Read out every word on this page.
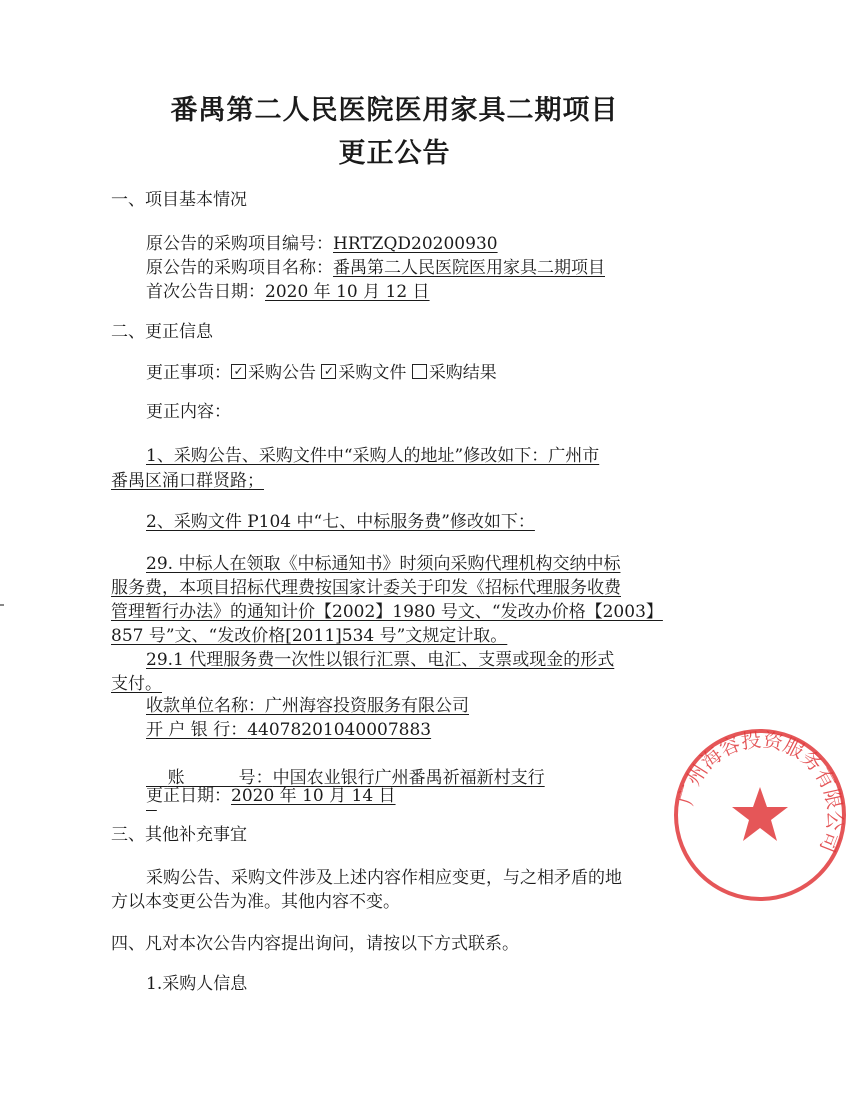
番禺第二人民医院医用家具二期项目
更正公告
一、项目基本情况
原公告的采购项目编号：HRTZQD20200930
原公告的采购项目名称：番禺第二人民医院医用家具二期项目
首次公告日期：2020 年 10 月 12 日
二、更正信息
更正事项： ✓ 采购公告 ✓ 采购文件 采购结果
更正内容：
1、采购公告、采购文件中“采购人的地址”修改如下：广州市
番禺区涌口群贤路；
2、采购文件 P104 中“七、中标服务费”修改如下：
29. 中标人在领取《中标通知书》时须向采购代理机构交纳中标
服务费，本项目招标代理费按国家计委关于印发《招标代理服务收费
管理暂行办法》的通知计价【2002】1980 号文、“发改办价格【2003】
857 号”文、“发改价格[2011]534 号”文规定计取。
29.1 代理服务费一次性以银行汇票、电汇、支票或现金的形式
支付。
收款单位名称：广州海容投资服务有限公司
开 户 银 行：44078201040007883

账          号：中国农业银行广州番禺祈福新村支行

更正日期：2020 年 10 月 14 日
三、其他补充事宜
采购公告、采购文件涉及上述内容作相应变更，与之相矛盾的地
方以本变更公告为准。其他内容不变。
四、凡对本次公告内容提出询问，请按以下方式联系。
1.采购人信息
广州海容投资服务有限公司
